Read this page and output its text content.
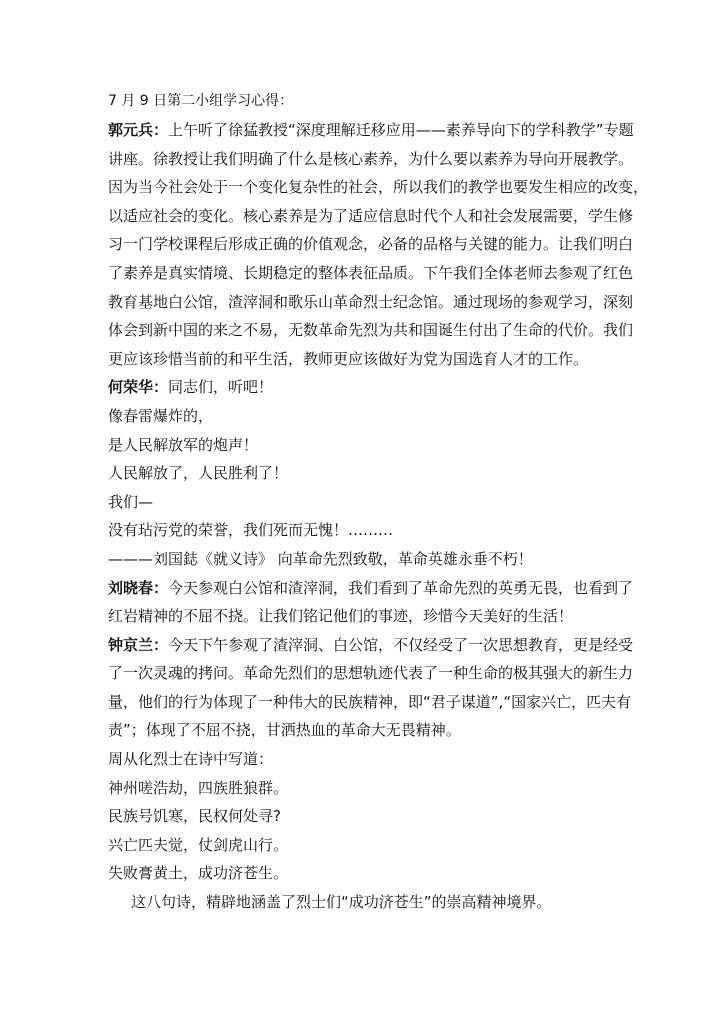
7 月 9 日第二小组学习心得：
郭元兵：上午听了徐猛教授“深度理解迁移应用——素养导向下的学科教学”专题
讲座。徐教授让我们明确了什么是核心素养，为什么要以素养为导向开展教学。
因为当今社会处于一个变化复杂性的社会，所以我们的教学也要发生相应的改变，
以适应社会的变化。核心素养是为了适应信息时代个人和社会发展需要，学生修
习一门学校课程后形成正确的价值观念，必备的品格与关键的能力。让我们明白
了素养是真实情境、长期稳定的整体表征品质。下午我们全体老师去参观了红色
教育基地白公馆，渣滓洞和歌乐山革命烈士纪念馆。通过现场的参观学习，深刻
体会到新中国的来之不易，无数革命先烈为共和国诞生付出了生命的代价。我们
更应该珍惜当前的和平生活，教师更应该做好为党为国选育人才的工作。
何荣华：同志们，听吧！
像春雷爆炸的，
是人民解放军的炮声！
人民解放了，人民胜利了！
我们—
没有玷污党的荣誉，我们死而无愧！………
———刘国鋕《就义诗》 向革命先烈致敬，革命英雄永垂不朽！
刘晓春：今天参观白公馆和渣滓洞，我们看到了革命先烈的英勇无畏，也看到了
红岩精神的不屈不挠。让我们铭记他们的事迹，珍惜今天美好的生活！
钟京兰：今天下午参观了渣滓洞、白公馆，不仅经受了一次思想教育，更是经受
了一次灵魂的拷问。革命先烈们的思想轨迹代表了一种生命的极其强大的新生力
量，他们的行为体现了一种伟大的民族精神，即“君子谋道”,“国家兴亡，匹夫有
责”；体现了不屈不挠，甘洒热血的革命大无畏精神。
周从化烈士在诗中写道：
神州嗟浩劫，四族胜狼群。
民族号饥寒，民权何处寻?
兴亡匹夫觉，仗剑虎山行。
失败膏黄土，成功济苍生。
这八句诗，精辟地涵盖了烈士们“成功济苍生”的崇高精神境界。
